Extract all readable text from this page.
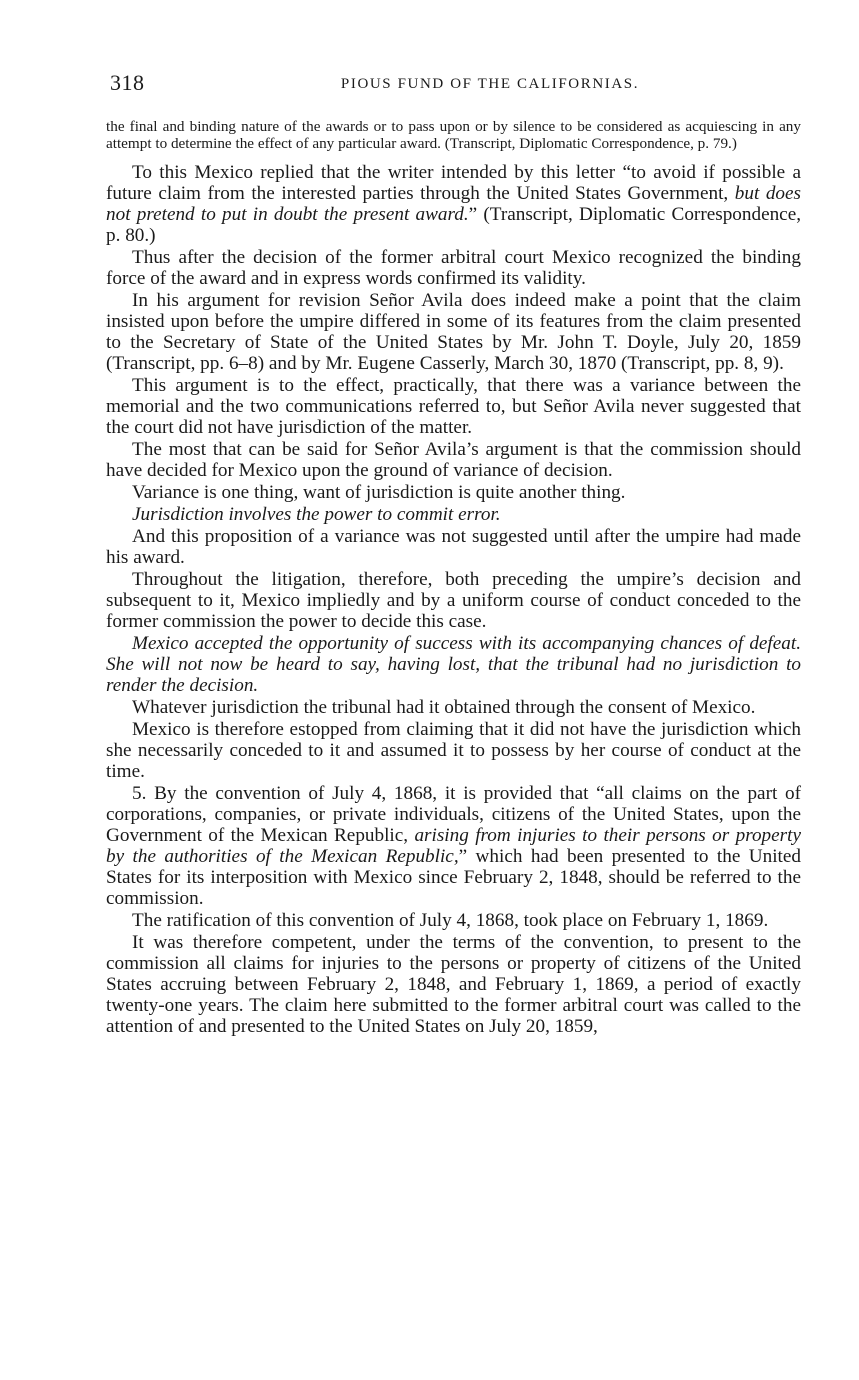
318	PIOUS FUND OF THE CALIFORNIAS.

the final and binding nature of the awards or to pass upon or by silence to be considered as acquiescing in any attempt to determine the effect of any particular award. (Transcript, Diplomatic Correspondence, p. 79.)

To this Mexico replied that the writer intended by this letter “to avoid if possible a future claim from the interested parties through the United States Government, but does not pretend to put in doubt the present award.” (Transcript, Diplomatic Correspondence, p. 80.)

Thus after the decision of the former arbitral court Mexico recognized the binding force of the award and in express words confirmed its validity.

In his argument for revision Señor Avila does indeed make a point that the claim insisted upon before the umpire differed in some of its features from the claim presented to the Secretary of State of the United States by Mr. John T. Doyle, July 20, 1859 (Transcript, pp. 6–8) and by Mr. Eugene Casserly, March 30, 1870 (Transcript, pp. 8, 9).

This argument is to the effect, practically, that there was a variance between the memorial and the two communications referred to, but Señor Avila never suggested that the court did not have jurisdiction of the matter.

The most that can be said for Señor Avila’s argument is that the commission should have decided for Mexico upon the ground of variance of decision.

Variance is one thing, want of jurisdiction is quite another thing.

Jurisdiction involves the power to commit error.

And this proposition of a variance was not suggested until after the umpire had made his award.

Throughout the litigation, therefore, both preceding the umpire’s decision and subsequent to it, Mexico impliedly and by a uniform course of conduct conceded to the former commission the power to decide this case.

Mexico accepted the opportunity of success with its accompanying chances of defeat. She will not now be heard to say, having lost, that the tribunal had no jurisdiction to render the decision.

Whatever jurisdiction the tribunal had it obtained through the consent of Mexico.

Mexico is therefore estopped from claiming that it did not have the jurisdiction which she necessarily conceded to it and assumed it to possess by her course of conduct at the time.

5. By the convention of July 4, 1868, it is provided that “all claims on the part of corporations, companies, or private individuals, citizens of the United States, upon the Government of the Mexican Republic, arising from injuries to their persons or property by the authorities of the Mexican Republic,” which had been presented to the United States for its interposition with Mexico since February 2, 1848, should be referred to the commission.

The ratification of this convention of July 4, 1868, took place on February 1, 1869.

It was therefore competent, under the terms of the convention, to present to the commission all claims for injuries to the persons or property of citizens of the United States accruing between February 2, 1848, and February 1, 1869, a period of exactly twenty-one years. The claim here submitted to the former arbitral court was called to the attention of and presented to the United States on July 20, 1859,
